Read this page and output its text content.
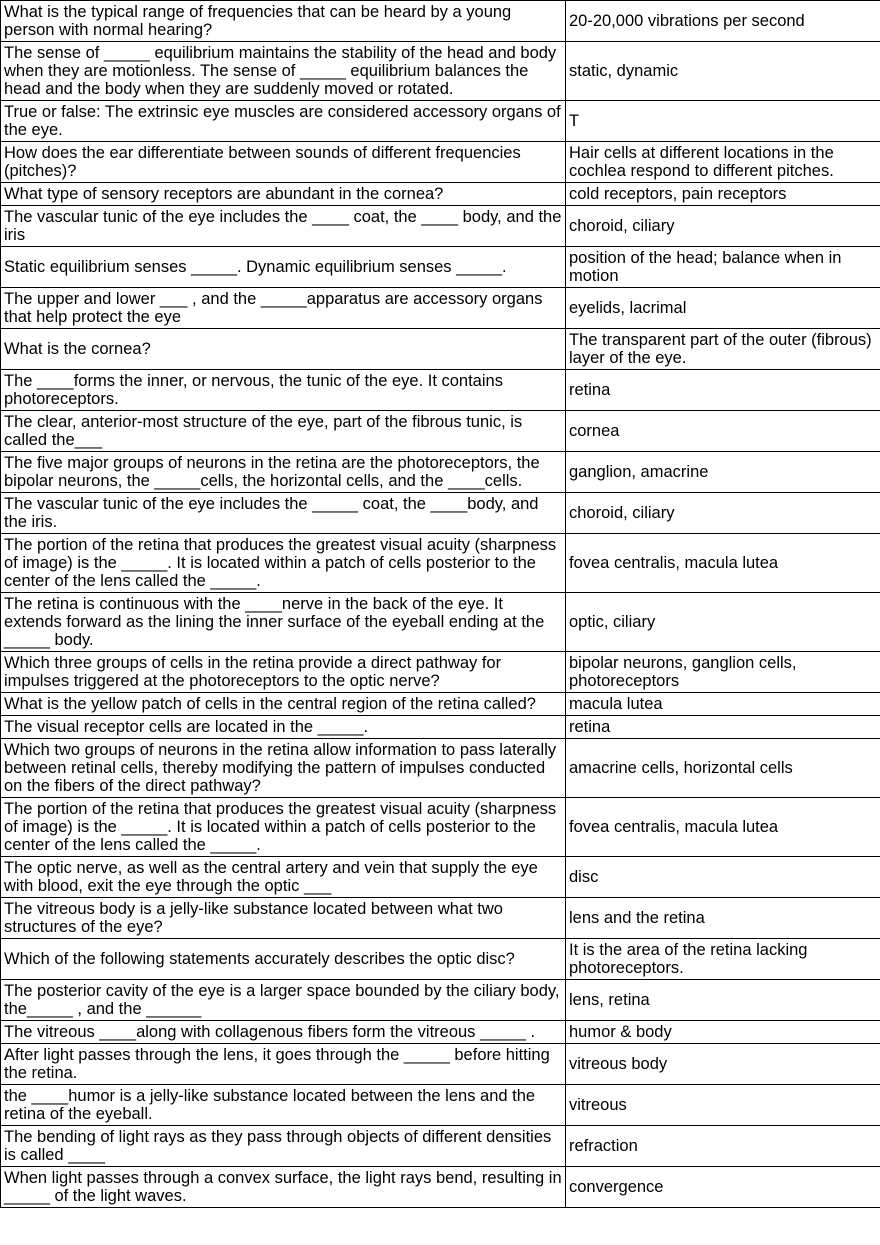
What is the typical range of frequencies that can be heard by a young person with normal hearing?	20-20,000 vibrations per second
The sense of _____ equilibrium maintains the stability of the head and body when they are motionless. The sense of _____ equilibrium balances the head and the body when they are suddenly moved or rotated.	static, dynamic
True or false: The extrinsic eye muscles are considered accessory organs of the eye.	T
How does the ear differentiate between sounds of different frequencies (pitches)?	Hair cells at different locations in the cochlea respond to different pitches.
What type of sensory receptors are abundant in the cornea?	cold receptors, pain receptors
The vascular tunic of the eye includes the ____ coat, the ____ body, and the iris	choroid, ciliary
Static equilibrium senses _____. Dynamic equilibrium senses _____.	position of the head; balance when in motion
The upper and lower ___ , and the _____apparatus are accessory organs that help protect the eye	eyelids, lacrimal
What is the cornea?	The transparent part of the outer (fibrous) layer of the eye.
The ____forms the inner, or nervous, the tunic of the eye. It contains photoreceptors.	retina
The clear, anterior-most structure of the eye, part of the fibrous tunic, is called the___	cornea
The five major groups of neurons in the retina are the photoreceptors, the bipolar neurons, the _____cells, the horizontal cells, and the ____cells.	ganglion, amacrine
The vascular tunic of the eye includes the _____ coat, the ____body, and the iris.	choroid, ciliary
The portion of the retina that produces the greatest visual acuity (sharpness of image) is the _____. It is located within a patch of cells posterior to the center of the lens called the _____.	fovea centralis, macula lutea
The retina is continuous with the ____nerve in the back of the eye. It extends forward as the lining the inner surface of the eyeball ending at the _____ body.	optic, ciliary
Which three groups of cells in the retina provide a direct pathway for impulses triggered at the photoreceptors to the optic nerve?	bipolar neurons, ganglion cells, photoreceptors
What is the yellow patch of cells in the central region of the retina called?	macula lutea
The visual receptor cells are located in the _____.	retina
Which two groups of neurons in the retina allow information to pass laterally between retinal cells, thereby modifying the pattern of impulses conducted on the fibers of the direct pathway?	amacrine cells, horizontal cells
The portion of the retina that produces the greatest visual acuity (sharpness of image) is the _____. It is located within a patch of cells posterior to the center of the lens called the _____.	fovea centralis, macula lutea
The optic nerve, as well as the central artery and vein that supply the eye with blood, exit the eye through the optic ___	disc
The vitreous body is a jelly-like substance located between what two structures of the eye?	lens and the retina
Which of the following statements accurately describes the optic disc?	It is the area of the retina lacking photoreceptors.
The posterior cavity of the eye is a larger space bounded by the ciliary body, the_____ , and the ______	lens, retina
The vitreous ____along with collagenous fibers form the vitreous _____ .	humor & body
After light passes through the lens, it goes through the _____ before hitting the retina.	vitreous body
the ____humor is a jelly-like substance located between the lens and the retina of the eyeball.	vitreous
The bending of light rays as they pass through objects of different densities is called ____	refraction
When light passes through a convex surface, the light rays bend, resulting in _____ of the light waves.	convergence
